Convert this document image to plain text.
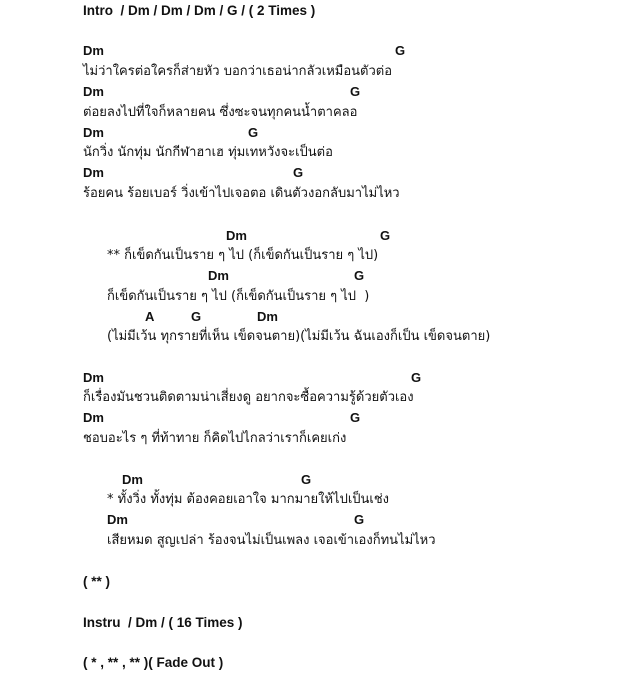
Intro  / Dm / Dm / Dm / G / ( 2 Times )
Dm	G
ไม่ว่าใครต่อใครก็ส่ายหัว บอกว่าเธอน่ากลัวเหมือนตัวต่อ
Dm	G
ต่อยลงไปที่ใจก็หลายคน ซึ่งซะจนทุกคนน้ำตาคลอ
Dm	G
นักวิ่ง นักทุ่ม นักกีฬาฮาเฮ ทุ่มเทหวังจะเป็นต่อ
Dm	G
ร้อยคน ร้อยเบอร์ วิ่งเข้าไปเจอตอ เดินตัวงอกลับมาไม่ไหว
Dm	G
** ก็เข็ดกันเป็นราย ๆ ไป (ก็เข็ดกันเป็นราย ๆ ไป)
Dm	G
ก็เข็ดกันเป็นราย ๆ ไป (ก็เข็ดกันเป็นราย ๆ ไป  )
A	G	Dm
(ไม่มีเว้น ทุกรายที่เห็น เข็ดจนตาย)(ไม่มีเว้น ฉันเองก็เป็น เข็ดจนตาย)
Dm	G
ก็เรื่องมันชวนติดตามน่าเสี่ยงดู อยากจะซื้อความรู้ด้วยตัวเอง
Dm	G
ชอบอะไร ๆ ที่ท้าทาย ก็คิดไปไกลว่าเราก็เคยเก่ง
Dm	G
* ทั้งวิ่ง ทั้งทุ่ม ต้องคอยเอาใจ มากมายให้ไปเป็นเช่ง
Dm	G
เสียหมด สูญเปล่า ร้องจนไม่เป็นเพลง เจอเข้าเองก็ทนไม่ไหว
( ** )
Instru  / Dm / ( 16 Times )
( * , ** , ** )( Fade Out )
